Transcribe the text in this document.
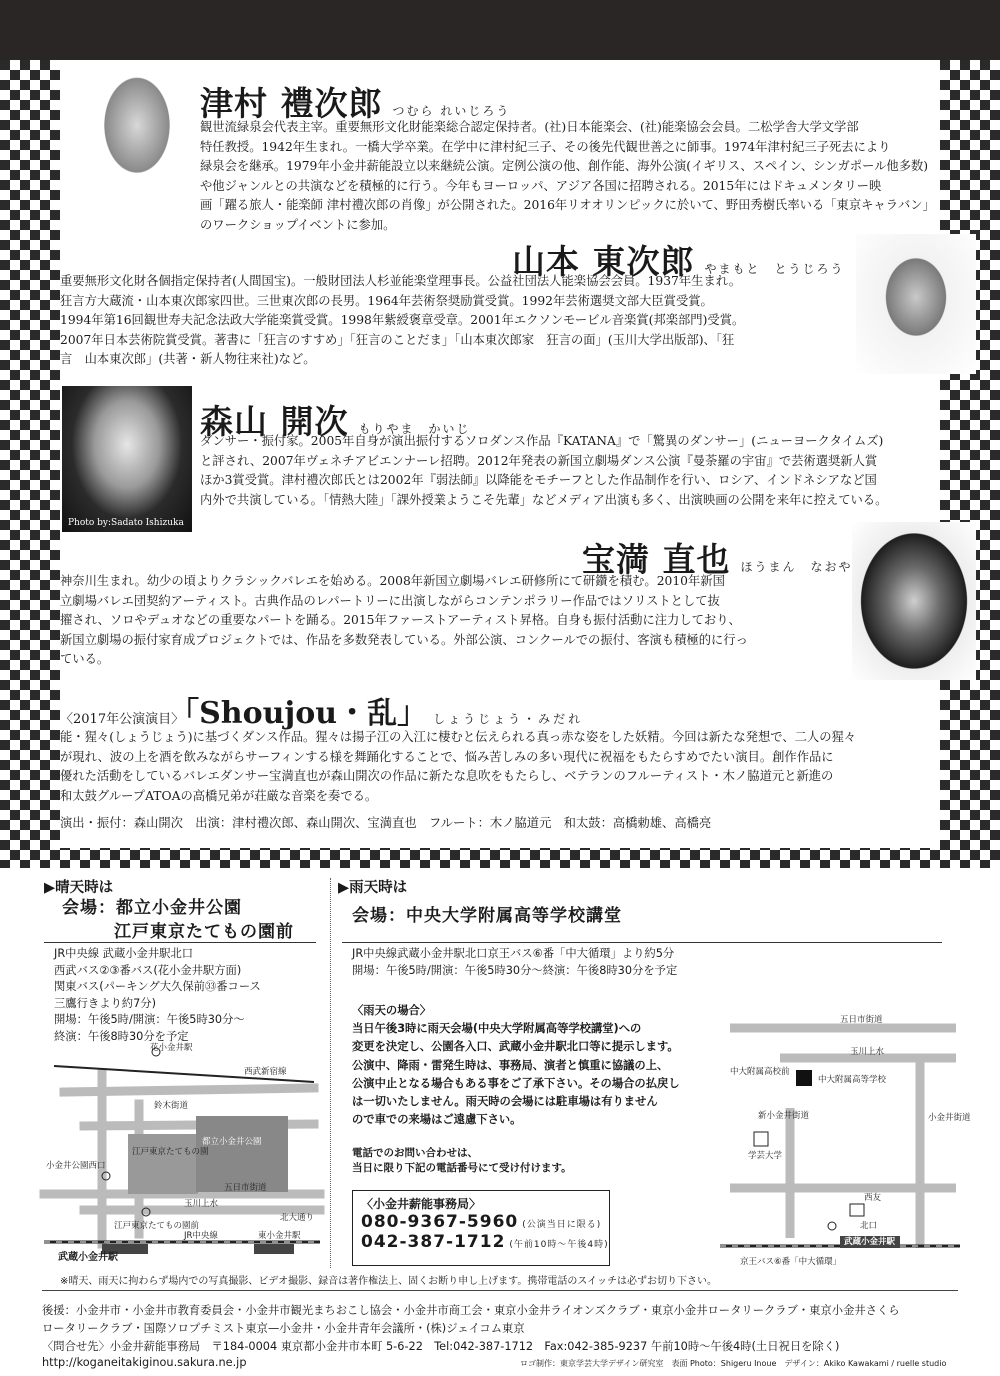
津村 禮次郎 つむら れいじろう
観世流緑泉会代表主宰。重要無形文化財能楽総合認定保持者。(社)日本能楽会、(社)能楽協会会員。二松学舎大学文学部
特任教授。1942年生まれ。一橋大学卒業。在学中に津村紀三子、その後先代観世善之に師事。1974年津村紀三子死去により
緑泉会を継承。1979年小金井薪能設立以来継続公演。定例公演の他、創作能、海外公演(イギリス、スペイン、シンガポール他多数)
や他ジャンルとの共演などを積極的に行う。今年もヨーロッパ、アジア各国に招聘される。2015年にはドキュメンタリー映
画「躍る旅人・能楽師 津村禮次郎の肖像」が公開された。2016年リオオリンピックに於いて、野田秀樹氏率いる「東京キャラバン」
のワークショップイベントに参加。
山本 東次郎 やまもと　とうじろう
重要無形文化財各個指定保持者(人間国宝)。一般財団法人杉並能楽堂理事長。公益社団法人能楽協会会員。1937年生まれ。
狂言方大蔵流・山本東次郎家四世。三世東次郎の長男。1964年芸術祭奨励賞受賞。1992年芸術選奨文部大臣賞受賞。
1994年第16回観世寿夫記念法政大学能楽賞受賞。1998年紫綬褒章受章。2001年エクソンモービル音楽賞(邦楽部門)受賞。
2007年日本芸術院賞受賞。著書に「狂言のすすめ」「狂言のことだま」「山本東次郎家　狂言の面」(玉川大学出版部)、「狂
言　山本東次郎」(共著・新人物往来社)など。
Photo by:Sadato Ishizuka
森山 開次 もりやま　かいじ
ダンサー・振付家。2005年自身が演出振付するソロダンス作品『KATANA』で「驚異のダンサー」(ニューヨークタイムズ)
と評され、2007年ヴェネチアビエンナーレ招聘。2012年発表の新国立劇場ダンス公演『曼荼羅の宇宙』で芸術選奨新人賞
ほか3賞受賞。津村禮次郎氏とは2002年『弱法師』以降能をモチーフとした作品制作を行い、ロシア、インドネシアなど国
内外で共演している。「情熱大陸」「課外授業ようこそ先輩」などメディア出演も多く、出演映画の公開を来年に控えている。
宝満 直也 ほうまん　なおや
神奈川生まれ。幼少の頃よりクラシックバレエを始める。2008年新国立劇場バレエ研修所にて研鑽を積む。2010年新国
立劇場バレエ団契約アーティスト。古典作品のレパートリーに出演しながらコンテンポラリー作品ではソリストとして抜
擢され、ソロやデュオなどの重要なパートを踊る。2015年ファーストアーティスト昇格。自身も振付活動に注力しており、
新国立劇場の振付家育成プロジェクトでは、作品を多数発表している。外部公演、コンクールでの振付、客演も積極的に行っ
ている。
〈2017年公演演目〉「Shoujou・乱」 しょうじょう・みだれ
能・猩々(しょうじょう)に基づくダンス作品。猩々は揚子江の入江に棲むと伝えられる真っ赤な姿をした妖精。今回は新たな発想で、二人の猩々
が現れ、波の上を酒を飲みながらサーフィンする様を舞踊化することで、悩み苦しみの多い現代に祝福をもたらすめでたい演目。創作作品に
優れた活動をしているバレエダンサー宝満直也が森山開次の作品に新たな息吹をもたらし、ベテランのフルーティスト・木ノ脇道元と新進の
和太鼓グループATOAの高橋兄弟が荘厳な音楽を奏でる。
演出・振付：森山開次　出演：津村禮次郎、森山開次、宝満直也　フルート：木ノ脇道元　和太鼓：高橋勅雄、高橋亮
▶晴天時は
会場：都立小金井公園
江戸東京たてもの園前
JR中央線 武蔵小金井駅北口
西武バス②③番バス(花小金井駅方面)
関東バス(パーキング大久保前㉝番コース
三鷹行きより約7分)
開場：午後5時/開演：午後5時30分〜
終演：午後8時30分を予定
花小金井駅
西武新宿線
鈴木街道
江戸東京たてもの園
都立小金井公園
小金井公園西口
江戸東京たてもの園前
五日市街道
玉川上水
北大通り
武蔵小金井駅
JR中央線	東小金井駅
▶雨天時は
会場：中央大学附属高等学校講堂
JR中央線武蔵小金井駅北口京王バス⑥番「中大循環」より約5分
開場：午後5時/開演：午後5時30分〜終演：午後8時30分を予定
〈雨天の場合〉
当日午後3時に雨天会場(中央大学附属高等学校講堂)への
変更を決定し、公園各入口、武蔵小金井駅北口等に提示します。
公演中、降雨・雷発生時は、事務局、演者と慎重に協議の上、
公演中止となる場合もある事をご了承下さい。その場合の払戻し
は一切いたしません。雨天時の会場には駐車場は有りません
ので車での来場はご遠慮下さい。
電話でのお問い合わせは、
当日に限り下記の電話番号にて受け付けます。
〈小金井薪能事務局〉
080-9367-5960 (公演当日に限る)
042-387-1712 (午前10時〜午後4時)
五日市街道
玉川上水
中大附属高校前
中大附属高等学校
新小金井街道
学芸大学
小金井街道
西友
北口
武蔵小金井駅
京王バス⑥番「中大循環」
※晴天、雨天に拘わらず場内での写真撮影、ビデオ撮影、録音は著作権法上、固くお断り申し上げます。携帯電話のスイッチは必ずお切り下さい。
後援：小金井市・小金井市教育委員会・小金井市観光まちおこし協会・小金井市商工会・東京小金井ライオンズクラブ・東京小金井ロータリークラブ・東京小金井さくら
ロータリークラブ・国際ソロプチミスト東京—小金井・小金井青年会議所・(株)ジェイコム東京
〈問合せ先〉小金井薪能事務局　〒184-0004 東京都小金井市本町 5-6-22　Tel:042-387-1712　Fax:042-385-9237 午前10時〜午後4時(土日祝日を除く)
http://koganeitakiginou.sakura.ne.jp	ロゴ制作：東京学芸大学デザイン研究室　表面 Photo：Shigeru Inoue　デザイン：Akiko Kawakami / ruelle studio
